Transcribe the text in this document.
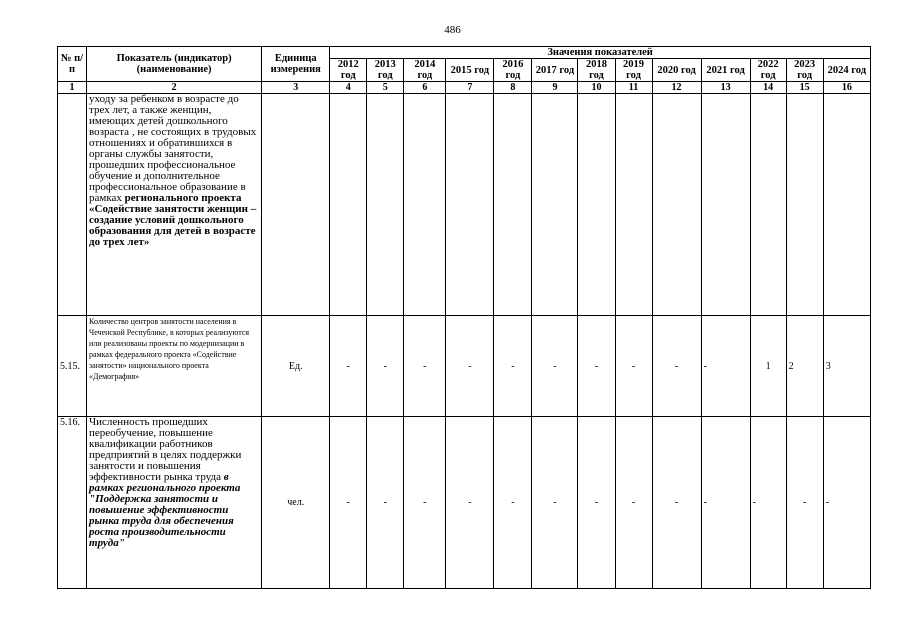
486
№ п/п	Показатель (индикатор) (наименование)	Единица измерения	Значения показателей												
			2012 год	2013 год	2014 год	2015 год	2016 год	2017 год	2018 год	2019 год	2020 год	2021 год	2022 год	2023 год	2024 год
1	2	3	4	5	6	7	8	9	10	11	12	13	14	15	16
	уходу за ребенком в возрасте до трех лет, а также женщин, имеющих детей дошкольного возраста , не состоящих в трудовых отношениях и обратившихся в органы службы занятости, прошедших профессиональное обучение и дополнительное профессиональное образование в рамках регионального проекта «Содействие занятости женщин – создание условий дошкольного образования для детей в возрасте до трех лет»														
5.15.	Количество центров занятости населения в Чеченской Республике, в которых реализуются или реализованы проекты по модернизации в рамках федерального проекта «Содействие занятости» национального проекта «Демография»	Ед.	-	-	-	-	-	-	-	-	-	-	1	2	3
5.16.	Численность прошедших переобучение, повышение квалификации работников предприятий в целях поддержки занятости и повышения эффективности рынка труда в рамках регионального проекта "Поддержка занятости и повышение эффективности рынка труда для обеспечения роста производительности труда"	чел.	-	-	-	-	-	-	-	-	-	-	-	-	-
